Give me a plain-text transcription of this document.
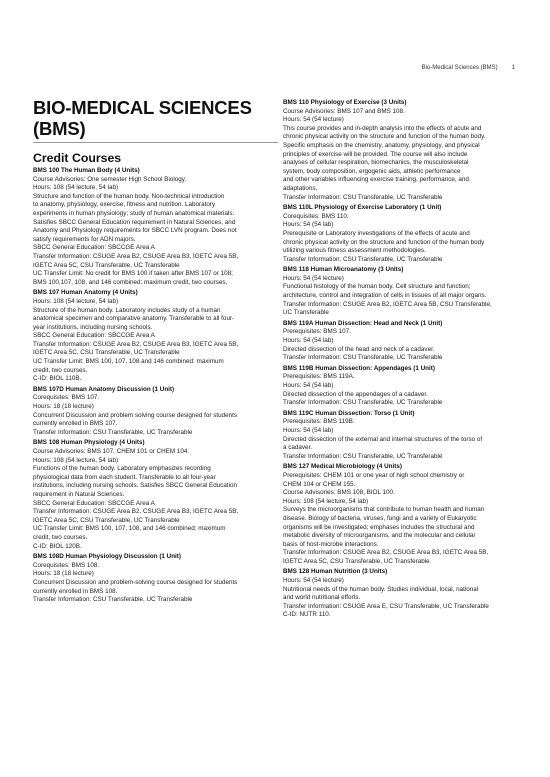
Bio-Medical Sciences (BMS) 1
BIO-MEDICAL SCIENCES (BMS)
Credit Courses
BMS 100 The Human Body (4 Units)
Course Advisories: One semester High School Biology.
Hours: 108 (54 lecture, 54 lab)
Structure and function of the human body. Non-technical introduction
to anatomy, physiology, exercise, fitness and nutrition. Laboratory
experiments in human physiology; study of human anatomical materials.
Satisfies SBCC General Education requirement in Natural Sciences, and
Anatomy and Physiology requirements for SBCC LVN program. Does not
satisfy requirements for ADN majors.
SBCC General Education: SBCCGE Area A
Transfer Information: CSUGE Area B2, CSUGE Area B3, IGETC Area 5B,
IGETC Area 5C, CSU Transferable, UC Transferable
UC Transfer Limit: No credit for BMS 100 if taken after BMS 107 or 108;
BMS 100,107, 108, and 146 combined: maximum credit, two courses.
BMS 107 Human Anatomy (4 Units)
Hours: 108 (54 lecture, 54 lab)
Structure of the human body. Laboratory includes study of a human
anatomical specimen and comparative anatomy. Transferable to all four-
year institutions, including nursing schools.
SBCC General Education: SBCCGE Area A
Transfer Information: CSUGE Area B2, CSUGE Area B3, IGETC Area 5B,
IGETC Area 5C, CSU Transferable, UC Transferable
UC Transfer Limit: BMS 100, 107, 108 and 146 combined: maximum
credit, two courses.
C-ID: BIOL 110B.
BMS 107D Human Anatomy Discussion (1 Unit)
Corequisites: BMS 107.
Hours: 18 (18 lecture)
Concurrent Discussion and problem solving course designed for students
currently enrolled in BMS 107.
Transfer Information: CSU Transferable, UC Transferable
BMS 108 Human Physiology (4 Units)
Course Advisories: BMS 107, CHEM 101 or CHEM 104.
Hours: 108 (54 lecture, 54 lab)
Functions of the human body. Laboratory emphasizes recording
physiological data from each student. Transferable to all four-year
institutions, including nursing schools. Satisfies SBCC General Education
requirement in Natural Sciences.
SBCC General Education: SBCCGE Area A
Transfer Information: CSUGE Area B2, CSUGE Area B3, IGETC Area 5B,
IGETC Area 5C, CSU Transferable, UC Transferable
UC Transfer Limit: BMS 100, 107, 108, and 146 combined: maximum
credit, two courses.
C-ID: BIOL 120B.
BMS 108D Human Physiology Discussion (1 Unit)
Corequisites: BMS 108.
Hours: 18 (18 lecture)
Concurrent Discussion and problem-solving course designed for students
currently enrolled in BMS 108.
Transfer Information: CSU Transferable, UC Transferable
BMS 110 Physiology of Exercise (3 Units)
Course Advisories: BMS 107 and BMS 108.
Hours: 54 (54 lecture)
This course provides and in-depth analysis into the effects of acute and
chronic physical activity on the structure and function of the human body.
Specific emphasis on the chemistry, anatomy, physiology, and physical
principles of exercise will be provided. The course will also include
analyses of cellular respiration, biomechanics, the musculoskeletal
system, body composition, ergogenic aids, athletic performance
and other variables influencing exercise training, performance, and
adaptations.
Transfer Information: CSU Transferable, UC Transferable
BMS 110L Physiology of Exercise Laboratory (1 Unit)
Corequisites: BMS 110.
Hours: 54 (54 lab)
Prerequisite or Laboratory investigations of the effects of acute and
chronic physical activity on the structure and function of the human body
utilizing various fitness assessment methodologies.
Transfer Information: CSU Transferable, UC Transferable
BMS 118 Human Microanatomy (3 Units)
Hours: 54 (54 lecture)
Functional histology of the human body. Cell structure and function;
architecture, control and integration of cells in tissues of all major organs.
Transfer Information: CSUGE Area B2, IGETC Area 5B, CSU Transferable,
UC Transferable
BMS 119A Human Dissection: Head and Neck (1 Unit)
Prerequisites: BMS 107.
Hours: 54 (54 lab)
Directed dissection of the head and neck of a cadaver.
Transfer Information: CSU Transferable, UC Transferable
BMS 119B Human Dissection: Appendages (1 Unit)
Prerequisites: BMS 119A.
Hours: 54 (54 lab)
Directed dissection of the appendages of a cadaver.
Transfer Information: CSU Transferable, UC Transferable
BMS 119C Human Dissection: Torso (1 Unit)
Prerequisites: BMS 119B.
Hours: 54 (54 lab)
Directed dissection of the external and internal structures of the torso of
a cadaver.
Transfer Information: CSU Transferable, UC Transferable
BMS 127 Medical Microbiology (4 Units)
Prerequisites: CHEM 101 or one year of high school chemistry or
CHEM 104 or CHEM 155.
Course Advisories: BMS 108, BIOL 100.
Hours: 108 (54 lecture, 54 lab)
Surveys the microorganisms that contribute to human health and human
disease. Biology of bacteria, viruses, fungi and a variety of Eukaryotic
organisms will be investigated; emphases includes the structural and
metabolic diversity of microorganisms, and the molecular and cellular
basis of host-microbe interactions.
Transfer Information: CSUGE Area B2, CSUGE Area B3, IGETC Area 5B,
IGETC Area 5C, CSU Transferable, UC Transferable
BMS 128 Human Nutrition (3 Units)
Hours: 54 (54 lecture)
Nutritional needs of the human body. Studies individual, local, national
and world nutritional efforts.
Transfer Information: CSUGE Area E, CSU Transferable, UC Transferable
C-ID: NUTR 110.
